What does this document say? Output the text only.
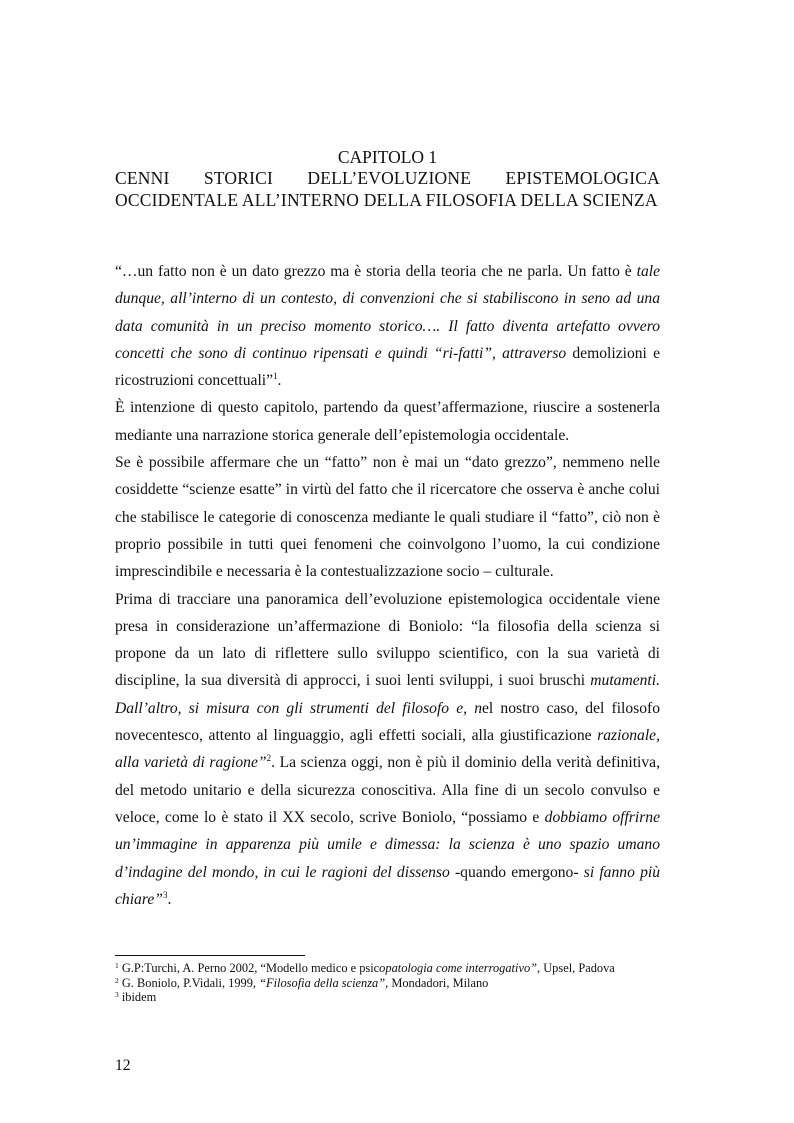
CAPITOLO 1
CENNI STORICI DELL’EVOLUZIONE EPISTEMOLOGICA OCCIDENTALE ALL’INTERNO DELLA FILOSOFIA DELLA SCIENZA

“…un fatto non è un dato grezzo ma è storia della teoria che ne parla. Un fatto è tale dunque, all’interno di un contesto, di convenzioni che si stabiliscono in seno ad una data comunità in un preciso momento storico…. Il fatto diventa artefatto ovvero concetti che sono di continuo ripensati e quindi “ri-fatti”, attraverso demolizioni e ricostruzioni concettuali”$^1$.

È intenzione di questo capitolo, partendo da quest’affermazione, riuscire a sostenerla mediante una narrazione storica generale dell’epistemologia occidentale.

Se è possibile affermare che un “fatto” non è mai un “dato grezzo”, nemmeno nelle cosiddette “scienze esatte” in virtù del fatto che il ricercatore che osserva è anche colui che stabilisce le categorie di conoscenza mediante le quali studiare il “fatto”, ciò non è proprio possibile in tutti quei fenomeni che coinvolgono l’uomo, la cui condizione imprescindibile e necessaria è la contestualizzazione socio – culturale.

Prima di tracciare una panoramica dell’evoluzione epistemologica occidentale viene presa in considerazione un’affermazione di Boniolo: “la filosofia della scienza si propone da un lato di riflettere sullo sviluppo scientifico, con la sua varietà di discipline, la sua diversità di approcci, i suoi lenti sviluppi, i suoi bruschi mutamenti. Dall’altro, si misura con gli strumenti del filosofo e, nel nostro caso, del filosofo novecentesco, attento al linguaggio, agli effetti sociali, alla giustificazione razionale, alla varietà di ragione”$^2$. La scienza oggi, non è più il dominio della verità definitiva, del metodo unitario e della sicurezza conoscitiva. Alla fine di un secolo convulso e veloce, come lo è stato il XX secolo, scrive Boniolo, “possiamo e dobbiamo offrirne un’immagine in apparenza più umile e dimessa: la scienza è uno spazio umano d’indagine del mondo, in cui le ragioni del dissenso -quando emergono- si fanno più chiare”$^3$.

$^1$ G.P:Turchi, A. Perno 2002, “Modello medico e psicopatologia come interrogativo”, Upsel, Padova
$^2$ G. Boniolo, P.Vidali, 1999, “Filosofia della scienza”, Mondadori, Milano
$^3$ ibidem
12
